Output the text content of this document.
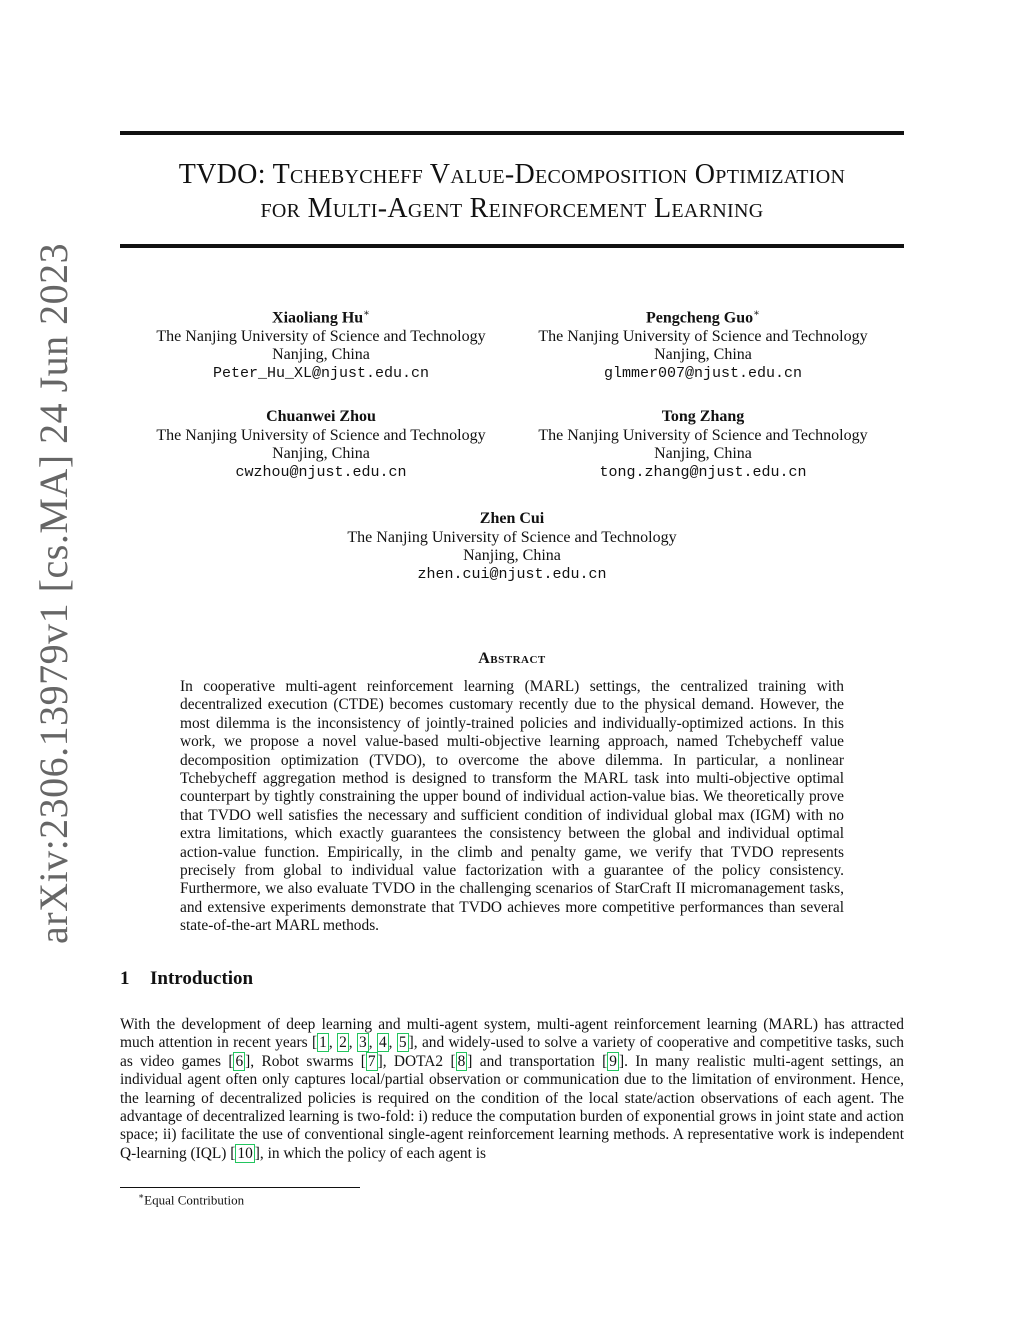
TVDO: Tchebycheff Value-Decomposition Optimization
for Multi-Agent Reinforcement Learning
arXiv:2306.13979v1 [cs.MA] 24 Jun 2023	Xiaoliang Hu∗
The Nanjing University of Science and Technology
Nanjing, China
Peter_Hu_XL@njust.edu.cn
Pengcheng Guo∗
The Nanjing University of Science and Technology
Nanjing, China
glmmer007@njust.edu.cn
Chuanwei Zhou
The Nanjing University of Science and Technology
Nanjing, China
cwzhou@njust.edu.cn
Tong Zhang
The Nanjing University of Science and Technology
Nanjing, China
tong.zhang@njust.edu.cn
Zhen Cui
The Nanjing University of Science and Technology
Nanjing, China
zhen.cui@njust.edu.cn
Abstract

In cooperative multi-agent reinforcement learning (MARL) settings, the centralized training with decentralized execution (CTDE) becomes customary recently due to the physical demand. However, the most dilemma is the inconsistency of jointly-trained policies and individually-optimized actions. In this work, we propose a novel value-based multi-objective learning approach, named Tchebycheff value decomposition optimization (TVDO), to overcome the above dilemma. In particular, a nonlinear Tchebycheff aggregation method is designed to transform the MARL task into multi-objective optimal counterpart by tightly constraining the upper bound of individual action-value bias. We theoretically prove that TVDO well satisfies the necessary and sufficient condition of individual global max (IGM) with no extra limitations, which exactly guarantees the consistency between the global and individual optimal action-value function. Empirically, in the climb and penalty game, we verify that TVDO represents precisely from global to individual value factorization with a guarantee of the policy consistency. Furthermore, we also evaluate TVDO in the challenging scenarios of StarCraft II micromanagement tasks, and extensive experiments demonstrate that TVDO achieves more competitive performances than several state-of-the-art MARL methods.

1 Introduction

With the development of deep learning and multi-agent system, multi-agent reinforcement learning (MARL) has attracted much attention in recent years [ 1 , 2 , 3 , 4 , 5 ], and widely-used to solve a variety of cooperative and competitive tasks, such as video games [ 6 ], Robot swarms [ 7 ], DOTA2 [ 8 ] and transportation [ 9 ]. In many realistic multi-agent settings, an individual agent often only captures local/partial observation or communication due to the limitation of environment. Hence, the learning of decentralized policies is required on the condition of the local state/action observations of each agent. The advantage of decentralized learning is two-fold: i) reduce the computation burden of exponential grows in joint state and action space; ii) facilitate the use of conventional single-agent reinforcement learning methods. A representative work is independent Q-learning (IQL) [ 10 ], in which the policy of each agent is

∗Equal Contribution
